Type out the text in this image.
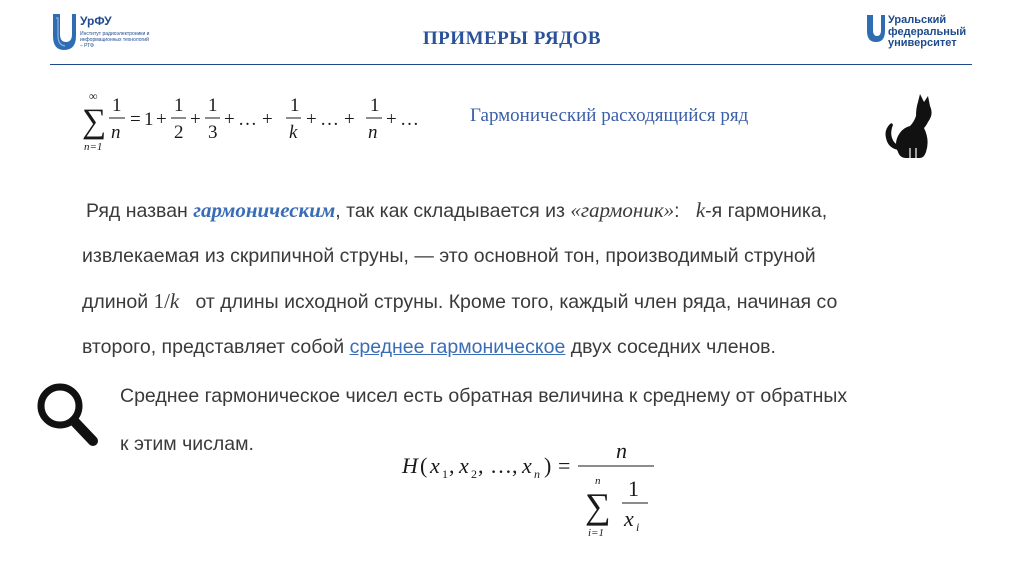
УрФУ
Институт радиоэлектроники и информационных технологий – РТФ	ПРИМЕРЫ РЯДОВ
Уральский
федеральный
университет
∑
∞
n=1
1
n
= 1 +
1
2
+
1
3
+ … +
1
k
+ … +
1
n
+ …	Гармонический расходящийся ряд
Ряд назван гармоническим, так как складывается из «гармоник»:   k-я гармоника,
извлекаемая из скрипичной струны, — это основной тон, производимый струной
длиной 1/k   от длины исходной струны. Кроме того, каждый член ряда, начиная со
второго, представляет собой среднее гармоническое двух соседних членов.
Среднее гармоническое чисел есть обратная величина к среднему от обратных
к этим числам.
H ( x 1 , x 2 , … , x n ) =
n
n
∑
i=1
1
x i
